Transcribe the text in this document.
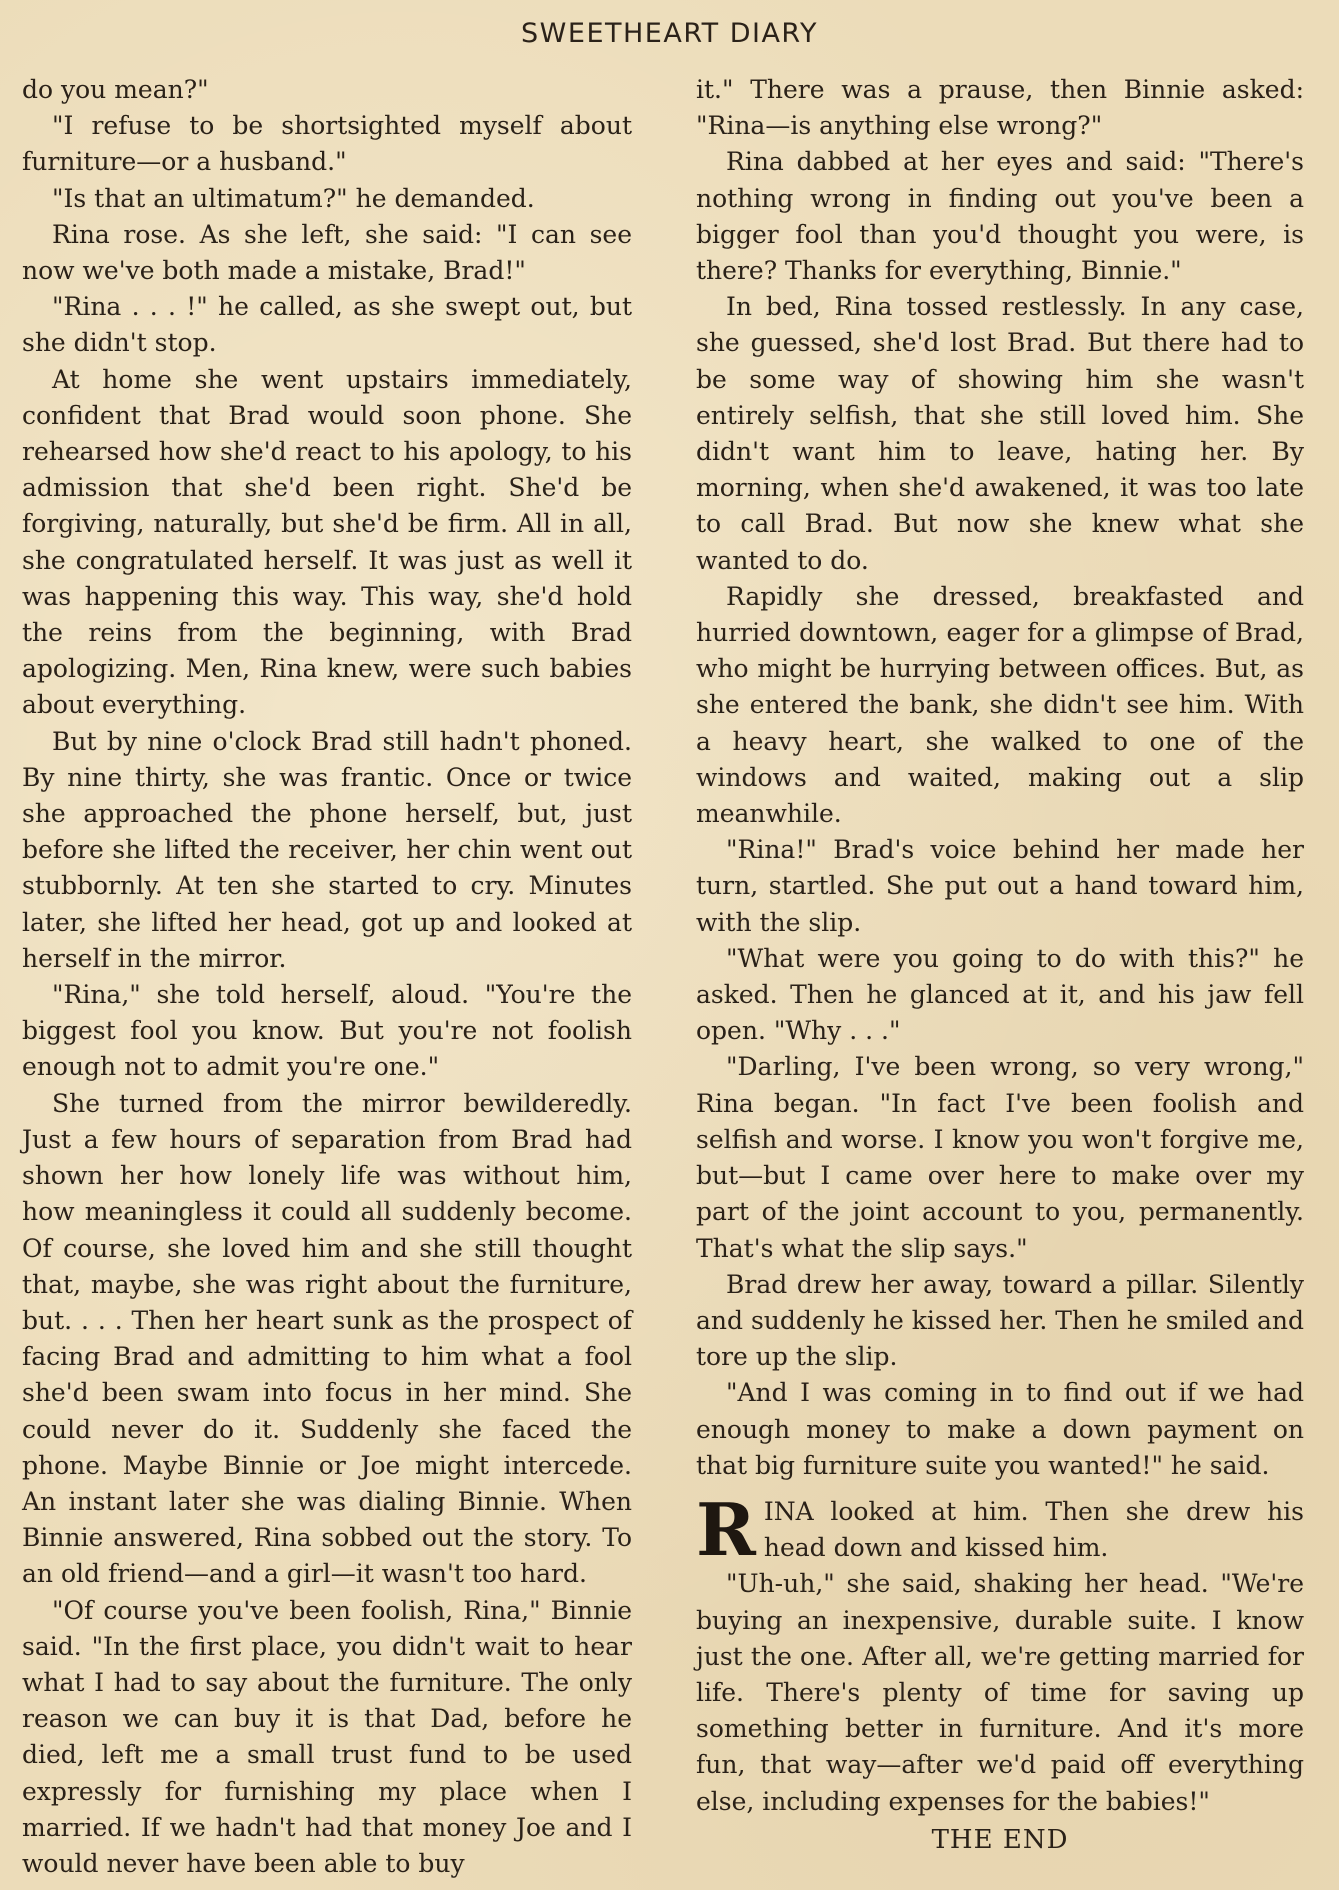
SWEETHEART DIARY

do you mean?"

"I refuse to be shortsighted myself about furniture—or a husband."

"Is that an ultimatum?" he demanded.

Rina rose. As she left, she said: "I can see now we've both made a mistake, Brad!"

"Rina . . . !" he called, as she swept out, but she didn't stop.

At home she went upstairs immediately, confident that Brad would soon phone. She rehearsed how she'd react to his apology, to his admission that she'd been right. She'd be forgiving, naturally, but she'd be firm. All in all, she congratulated herself. It was just as well it was happening this way. This way, she'd hold the reins from the beginning, with Brad apologizing. Men, Rina knew, were such babies about everything.

But by nine o'clock Brad still hadn't phoned. By nine thirty, she was frantic. Once or twice she approached the phone herself, but, just before she lifted the receiver, her chin went out stubbornly. At ten she started to cry. Minutes later, she lifted her head, got up and looked at herself in the mirror.

"Rina," she told herself, aloud. "You're the biggest fool you know. But you're not foolish enough not to admit you're one."

She turned from the mirror bewilderedly. Just a few hours of separation from Brad had shown her how lonely life was without him, how meaningless it could all suddenly become. Of course, she loved him and she still thought that, maybe, she was right about the furniture, but. . . . Then her heart sunk as the prospect of facing Brad and admitting to him what a fool she'd been swam into focus in her mind. She could never do it. Suddenly she faced the phone. Maybe Binnie or Joe might intercede. An instant later she was dialing Binnie. When Binnie answered, Rina sobbed out the story. To an old friend—and a girl—it wasn't too hard.

"Of course you've been foolish, Rina," Binnie said. "In the first place, you didn't wait to hear what I had to say about the furniture. The only reason we can buy it is that Dad, before he died, left me a small trust fund to be used expressly for furnishing my place when I married. If we hadn't had that money Joe and I would never have been able to buy

it." There was a prause, then Binnie asked: "Rina—is anything else wrong?"

Rina dabbed at her eyes and said: "There's nothing wrong in finding out you've been a bigger fool than you'd thought you were, is there? Thanks for everything, Binnie."

In bed, Rina tossed restlessly. In any case, she guessed, she'd lost Brad. But there had to be some way of showing him she wasn't entirely selfish, that she still loved him. She didn't want him to leave, hating her. By morning, when she'd awakened, it was too late to call Brad. But now she knew what she wanted to do.

Rapidly she dressed, breakfasted and hurried downtown, eager for a glimpse of Brad, who might be hurrying between offices. But, as she entered the bank, she didn't see him. With a heavy heart, she walked to one of the windows and waited, making out a slip meanwhile.

"Rina!" Brad's voice behind her made her turn, startled. She put out a hand toward him, with the slip.

"What were you going to do with this?" he asked. Then he glanced at it, and his jaw fell open. "Why . . ."

"Darling, I've been wrong, so very wrong," Rina began. "In fact I've been foolish and selfish and worse. I know you won't forgive me, but—but I came over here to make over my part of the joint account to you, permanently. That's what the slip says."

Brad drew her away, toward a pillar. Silently and suddenly he kissed her. Then he smiled and tore up the slip.

"And I was coming in to find out if we had enough money to make a down payment on that big furniture suite you wanted!" he said.

RINA looked at him. Then she drew his head down and kissed him.

"Uh-uh," she said, shaking her head. "We're buying an inexpensive, durable suite. I know just the one. After all, we're getting married for life. There's plenty of time for saving up something better in furniture. And it's more fun, that way—after we'd paid off everything else, including expenses for the babies!"

THE END
